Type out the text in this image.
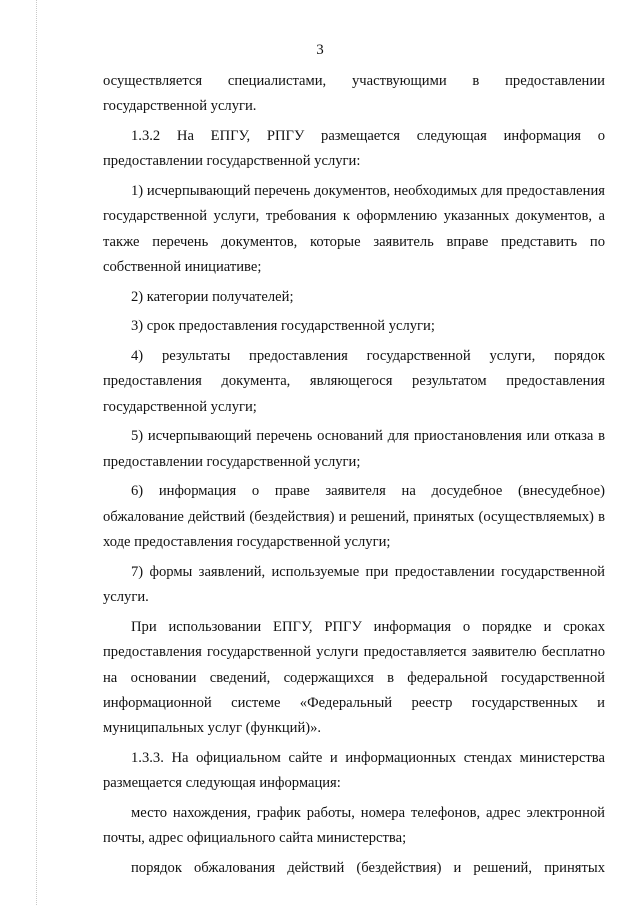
3

осуществляется специалистами, участвующими в предоставлении государственной услуги.

1.3.2 На ЕПГУ, РПГУ размещается следующая информация о предоставлении государственной услуги:

1) исчерпывающий перечень документов, необходимых для предоставления государственной услуги, требования к оформлению указанных документов, а также перечень документов, которые заявитель вправе представить по собственной инициативе;

2) категории получателей;

3) срок предоставления государственной услуги;

4) результаты предоставления государственной услуги, порядок предоставления документа, являющегося результатом предоставления государственной услуги;

5) исчерпывающий перечень оснований для приостановления или отказа в предоставлении государственной услуги;

6) информация о праве заявителя на досудебное (внесудебное) обжалование действий (бездействия) и решений, принятых (осуществляемых) в ходе предоставления государственной услуги;

7) формы заявлений, используемые при предоставлении государственной услуги.

При использовании ЕПГУ, РПГУ информация о порядке и сроках предоставления государственной услуги предоставляется заявителю бесплатно на основании сведений, содержащихся в федеральной государственной информационной системе «Федеральный реестр государственных и муниципальных услуг (функций)».

1.3.3. На официальном сайте и информационных стендах министерства размещается следующая информация:

место нахождения, график работы, номера телефонов, адрес электронной почты, адрес официального сайта министерства;

порядок обжалования действий (бездействия) и решений, принятых
